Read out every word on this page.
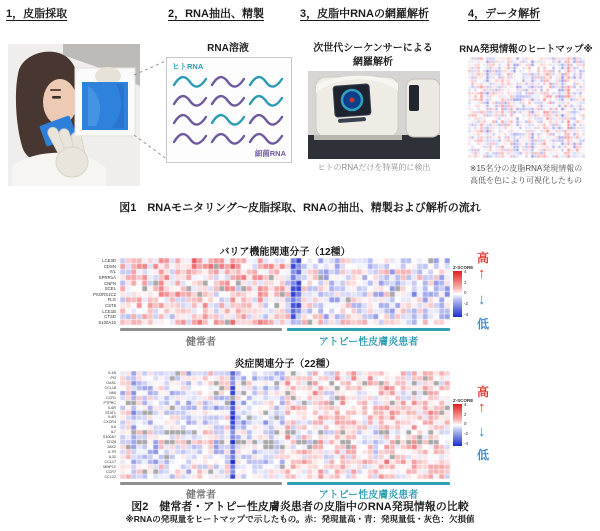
1，皮脂採取	2，RNA抽出、精製	3，皮脂中RNAの網羅解析	4，データ解析
RNA溶液
ヒトRNA
細菌RNA
次世代シーケンサーによる
網羅解析
ヒトのRNAだけを特異的に検出
RNA発現情報のヒートマップ※
※15名分の皮脂RNA発現情報の
高低を色により可視化したもの
図1　RNAモニタリング～皮脂採取、RNAの抽出、精製および解析の流れ
バリア機能関連分子（12種）
LCE3D
CDSN
IVL
SPRR1A
CNFN
SCEL
PSORS1C2
FLG
CST6
LCE1B
CTSD
S100A10
健常者	アトピー性皮膚炎患者
Z-SCORE
4
2
0
-2
-4
高
↑
↓
低
炎症関連分子（22種）
IL1B
PI3
OASL
CCL18
NMI
CCR1
PTPRC
IL6R
STAT1
IL4R
CXCR4
IL6
IL7
S100A7
CD28
JAK2
IL7R
IL32
CCL17
MMP12
CCR7
CCL22
健常者	アトピー性皮膚炎患者
Z-SCORE
4
2
0
-2
-4
高
↑
↓
低
図2　健常者・アトピー性皮膚炎患者の皮脂中のRNA発現情報の比較
※RNAの発現量をヒートマップで示したもの。赤：発現量高・青：発現量低・灰色：欠損値
